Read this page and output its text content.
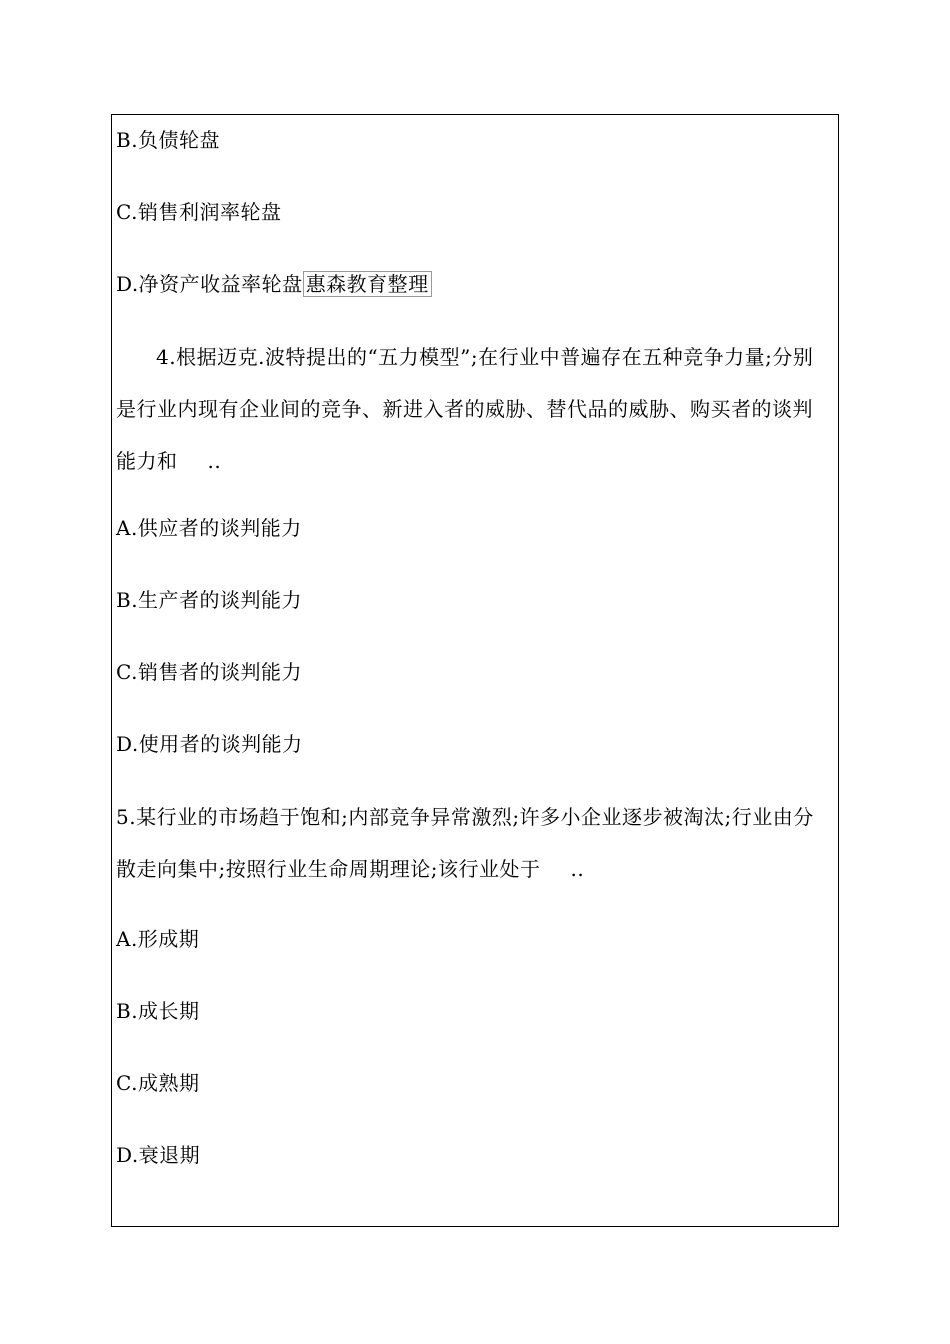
B.负债轮盘
C.销售利润率轮盘
D.净资产收益率轮盘 惠森教育整理
4.根据迈克.波特提出的“五力模型”;在行业中普遍存在五种竞争力量;分别是行业内现有企业间的竞争、新进入者的威胁、替代品的威胁、购买者的谈判能力和 ..
A.供应者的谈判能力
B.生产者的谈判能力
C.销售者的谈判能力
D.使用者的谈判能力
5.某行业的市场趋于饱和;内部竞争异常激烈;许多小企业逐步被淘汰;行业由分散走向集中;按照行业生命周期理论;该行业处于 ..
A.形成期
B.成长期
C.成熟期
D.衰退期
